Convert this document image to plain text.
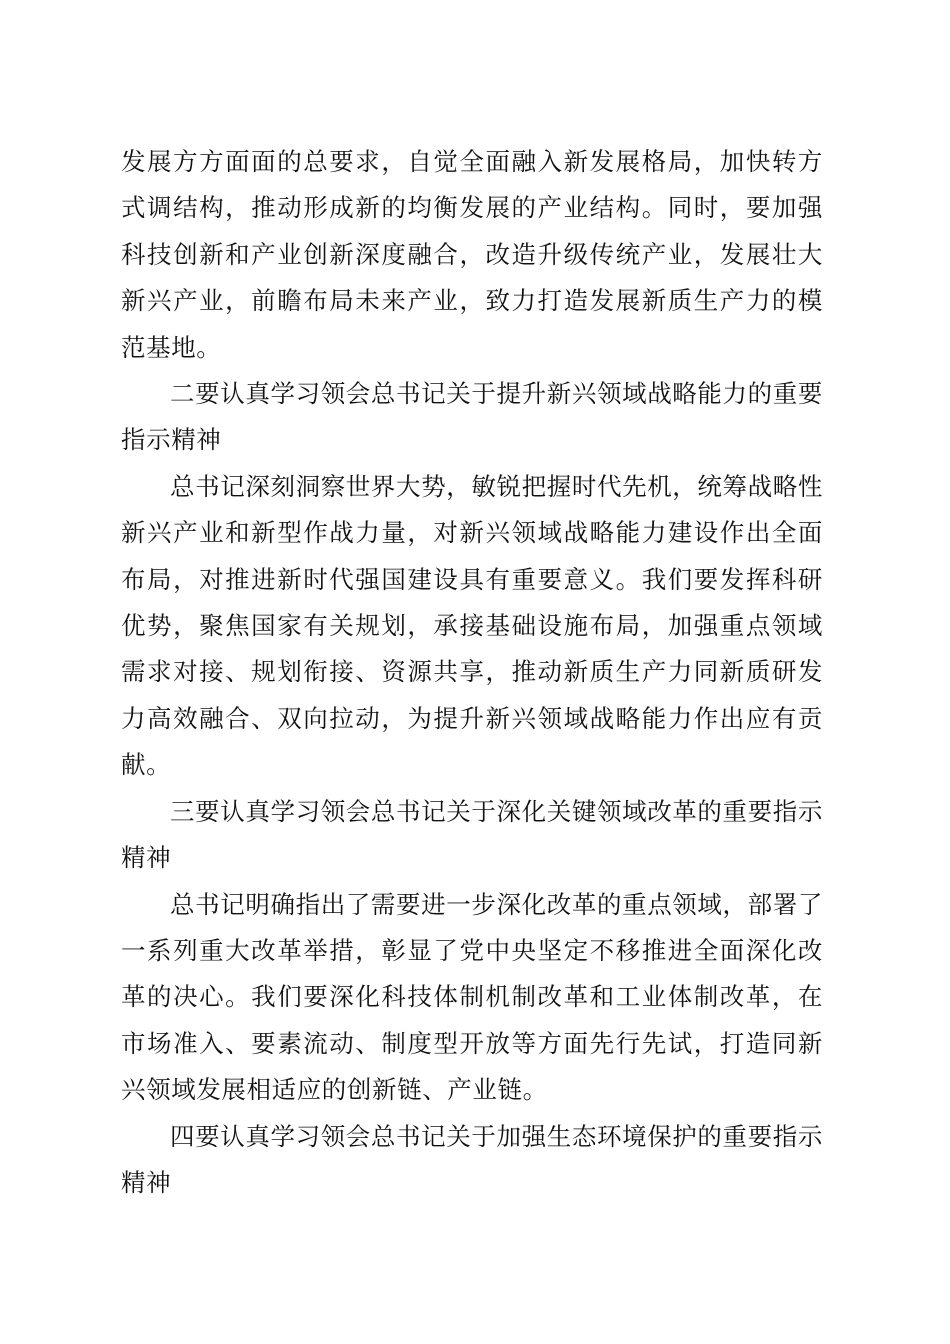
发展方方面面的总要求，自觉全面融入新发展格局，加快转方式调结构，推动形成新的均衡发展的产业结构。同时，要加强科技创新和产业创新深度融合，改造升级传统产业，发展壮大新兴产业，前瞻布局未来产业，致力打造发展新质生产力的模范基地。

二要认真学习领会总书记关于提升新兴领域战略能力的重要指示精神

总书记深刻洞察世界大势，敏锐把握时代先机，统筹战略性新兴产业和新型作战力量，对新兴领域战略能力建设作出全面布局，对推进新时代强国建设具有重要意义。我们要发挥科研优势，聚焦国家有关规划，承接基础设施布局，加强重点领域需求对接、规划衔接、资源共享，推动新质生产力同新质研发力高效融合、双向拉动，为提升新兴领域战略能力作出应有贡献。

三要认真学习领会总书记关于深化关键领域改革的重要指示精神

总书记明确指出了需要进一步深化改革的重点领域，部署了一系列重大改革举措，彰显了党中央坚定不移推进全面深化改革的决心。我们要深化科技体制机制改革和工业体制改革，在市场准入、要素流动、制度型开放等方面先行先试，打造同新兴领域发展相适应的创新链、产业链。

四要认真学习领会总书记关于加强生态环境保护的重要指示精神
